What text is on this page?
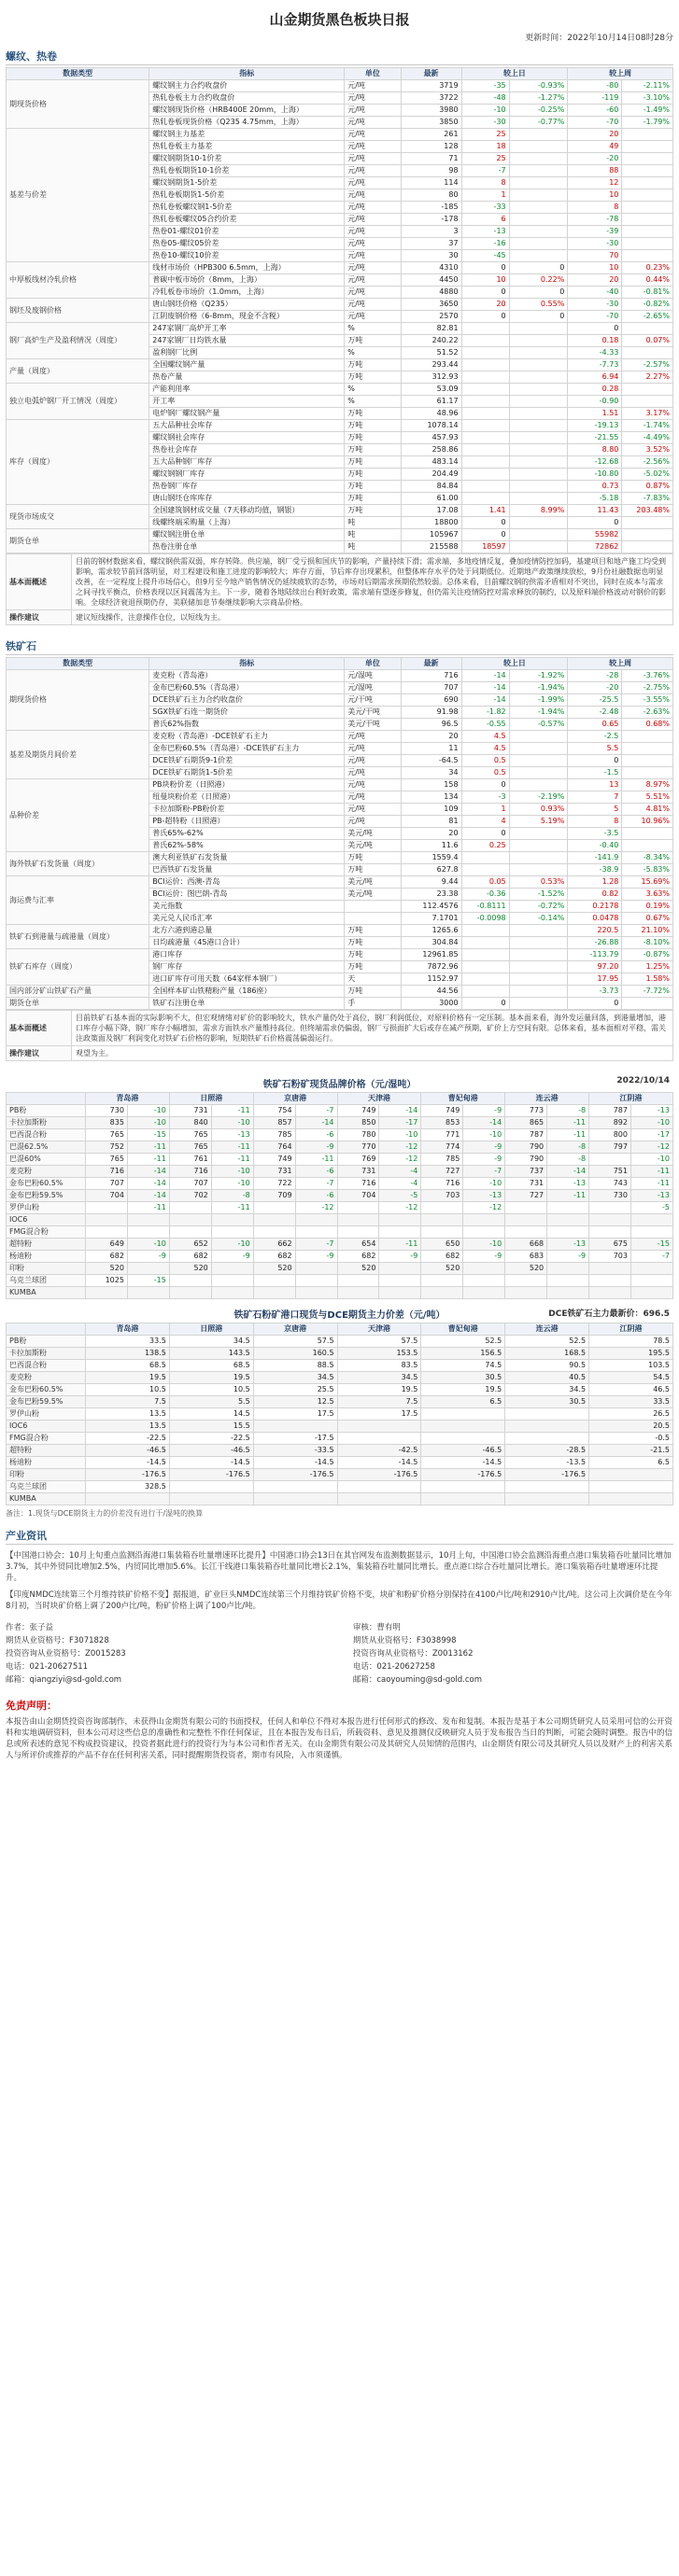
山金期货黑色板块日报
更新时间：2022年10月14日08时28分
螺纹、热卷
数据类型	指标	单位	最新	较上日		较上周	
期现货价格	螺纹钢主力合约收盘价	元/吨	3719	-35	-0.93%	-80	-2.11%
	热轧卷板主力合约收盘价	元/吨	3722	-48	-1.27%	-119	-3.10%
	螺纹钢现货价格（HRB400E 20mm，上海）	元/吨	3980	-10	-0.25%	-60	-1.49%
	热轧卷板现货价格（Q235 4.75mm，上海）	元/吨	3850	-30	-0.77%	-70	-1.79%
基差与价差	螺纹钢主力基差	元/吨	261	25		20	
	热轧卷板主力基差	元/吨	128	18		49	
	螺纹钢期货10-1价差	元/吨	71	25		-20	
	热轧卷板期货10-1价差	元/吨	98	-7		88	
	螺纹钢期货1-5价差	元/吨	114	8		12	
	热轧卷板期货1-5价差	元/吨	80	1		10	
	热轧卷板螺纹钢1-5价差	元/吨	-185	-33		8	
	热轧卷板螺纹05合约价差	元/吨	-178	6		-78	
	热卷01-螺纹01价差	元/吨	3	-13		-39	
	热卷05-螺纹05价差	元/吨	37	-16		-30	
	热卷10-螺纹10价差	元/吨	30	-45		70	
中厚板线材冷轧价格	线材市场价（HPB300 6.5mm，上海）	元/吨	4310	0	0	10	0.23%
	普碳中板市场价（8mm，上海）	元/吨	4450	10	0.22%	20	0.44%
	冷轧板卷市场价（1.0mm，上海）	元/吨	4880	0	0	-40	-0.81%
钢坯及废钢价格	唐山钢坯价格（Q235）	元/吨	3650	20	0.55%	-30	-0.82%
	江阴废钢价格（6-8mm，现金不含税）	元/吨	2570	0	0	-70	-2.65%
钢厂高炉生产及盈利情况（周度）	247家钢厂高炉开工率	%	82.81			0	
	247家钢厂日均铁水量	万吨	240.22			0.18	0.07%
	盈利钢厂比例	%	51.52			-4.33	
产量（周度）	全国螺纹钢产量	万吨	293.44			-7.73	-2.57%
	热卷产量	万吨	312.93			6.94	2.27%
独立电弧炉钢厂开工情况（周度）	产能利用率	%	53.09			0.28	
	开工率	%	61.17			-0.90	
	电炉钢厂螺纹钢产量	万吨	48.96			1.51	3.17%
库存（周度）	五大品种社会库存	万吨	1078.14			-19.13	-1.74%
	螺纹钢社会库存	万吨	457.93			-21.55	-4.49%
	热卷社会库存	万吨	258.86			8.80	3.52%
	五大品种钢厂库存	万吨	483.14			-12.68	-2.56%
	螺纹钢钢厂库存	万吨	204.49			-10.80	-5.02%
	热卷钢厂库存	万吨	84.84			0.73	0.87%
	唐山钢坯仓库库存	万吨	61.00			-5.18	-7.83%
现货市场成交	全国建筑钢材成交量（7天移动均值，钢银）	万吨	17.08	1.41	8.99%	11.43	203.48%
	线螺终端采购量（上海）	吨	18800	0		0	
期货仓单	螺纹钢注册仓单	吨	105967	0		55982	
	热卷注册仓单	吨	215588	18597		72862	
基本面概述	目前的钢材数据来看，螺纹钢供需双弱，库存转降。供应端，钢厂受亏损和国庆节的影响，产量持续下滑；需求端，多地疫情反复，叠加疫情防控加码，基建项目和地产施工均受到影响，需求较节前回落明显，对工程建设和施工进度的影响较大；库存方面，节后库存出现累积，但整体库存水平仍处于同期低位。近期地产政策继续放松，9月份社融数据也明显改善，在一定程度上提升市场信心，但9月至今地产销售情况仍延续疲软的态势，市场对后期需求预期依然较弱。总体来看，目前螺纹钢的供需矛盾相对不突出，同时在成本与需求之间寻找平衡点，价格表现以区间震荡为主。下一步，随着各地陆续出台利好政策，需求端有望逐步修复，但仍需关注疫情防控对需求释放的制约，以及原料端价格波动对钢价的影响。全球经济衰退预期仍存，美联储加息节奏继续影响大宗商品价格。
操作建议	建议短线操作，注意操作仓位，以短线为主。
铁矿石
数据类型	指标	单位	最新	较上日		较上周	
期现货价格	麦克粉（青岛港）	元/湿吨	716	-14	-1.92%	-28	-3.76%
	金布巴粉60.5%（青岛港）	元/湿吨	707	-14	-1.94%	-20	-2.75%
	DCE铁矿石主力合约收盘价	元/干吨	690	-14	-1.99%	-25.5	-3.55%
	SGX铁矿石连一期货价	美元/干吨	91.98	-1.82	-1.94%	-2.48	-2.63%
	普氏62%指数	美元/干吨	96.5	-0.55	-0.57%	0.65	0.68%
基差及期货月间价差	麦克粉（青岛港）-DCE铁矿石主力	元/吨	20	4.5		-2.5	
	金布巴粉60.5%（青岛港）-DCE铁矿石主力	元/吨	11	4.5		5.5	
	DCE铁矿石期货9-1价差	元/吨	-64.5	0.5		0	
	DCE铁矿石期货1-5价差	元/吨	34	0.5		-1.5	
品种价差	PB块粉价差（日照港）	元/吨	158	0		13	8.97%
	纽曼块粉价差（日照港）	元/吨	134	-3	-2.19%	7	5.51%
	卡拉加斯粉-PB粉价差	元/吨	109	1	0.93%	5	4.81%
	PB-超特粉（日照港）	元/吨	81	4	5.19%	8	10.96%
	普氏65%-62%	美元/吨	20	0		-3.5	
	普氏62%-58%	美元/吨	11.6	0.25		-0.40	
海外铁矿石发货量（周度）	澳大利亚铁矿石发货量	万吨	1559.4			-141.9	-8.34%
	巴西铁矿石发货量	万吨	627.8			-38.9	-5.83%
海运费与汇率	BCI运价：西澳-青岛	美元/吨	9.44	0.05	0.53%	1.28	15.69%
	BCI运价：图巴朗-青岛	美元/吨	23.38	-0.36	-1.52%	0.82	3.63%
	美元指数		112.4576	-0.8111	-0.72%	0.2178	0.19%
	美元兑人民币汇率		7.1701	-0.0098	-0.14%	0.0478	0.67%
铁矿石到港量与疏港量（周度）	北方六港到港总量	万吨	1265.6			220.5	21.10%
	日均疏港量（45港口合计）	万吨	304.84			-26.88	-8.10%
铁矿石库存（周度）	港口库存	万吨	12961.85			-113.79	-0.87%
	钢厂库存	万吨	7872.96			97.20	1.25%
	进口矿库存可用天数（64家样本钢厂）	天	1152.97			17.95	1.58%
国内部分矿山铁矿石产量	全国样本矿山铁精粉产量（186座）	万吨	44.56			-3.73	-7.72%
期货仓单	铁矿石注册仓单	手	3000	0		0	
基本面概述	目前铁矿石基本面的实际影响不大，但宏观情绪对矿价的影响较大，铁水产量仍处于高位，钢厂利润低位，对原料价格有一定压制。基本面来看，海外发运量回落，到港量增加，港口库存小幅下降，钢厂库存小幅增加，需求方面铁水产量维持高位。但终端需求仍偏弱，钢厂亏损面扩大后或存在减产预期，矿价上方空间有限。总体来看，基本面相对平稳，需关注政策面及钢厂利润变化对铁矿石价格的影响，短期铁矿石价格震荡偏弱运行。
操作建议	观望为主。
铁矿石粉矿现货品牌价格（元/湿吨）	2022/10/14
	青岛港		日照港		京唐港		天津港		曹妃甸港		连云港		江阴港	
PB粉	730	-10	731	-11	754	-7	749	-14	749	-9	773	-8	787	-13
卡拉加斯粉	835	-10	840	-10	857	-14	850	-17	853	-14	865	-11	892	-10
巴西混合粉	765	-15	765	-13	785	-6	780	-10	771	-10	787	-11	800	-17
巴混62.5%	752	-11	765	-11	764	-9	770	-12	774	-9	790	-8	797	-12
巴混60%	765	-11	761	-11	749	-11	769	-12	785	-9	790	-8		-10
麦克粉	716	-14	716	-10	731	-6	731	-4	727	-7	737	-14	751	-11
金布巴粉60.5%	707	-14	707	-10	722	-7	716	-4	716	-10	731	-13	743	-11
金布巴粉59.5%	704	-14	702	-8	709	-6	704	-5	703	-13	727	-11	730	-13
罗伊山粉		-11		-11		-12		-12		-12				-5
IOC6														
FMG混合粉														
超特粉	649	-10	652	-10	662	-7	654	-11	650	-10	668	-13	675	-15
杨迪粉	682	-9	682	-9	682	-9	682	-9	682	-9	683	-9	703	-7
印粉	520		520		520		520		520		520			
乌克兰球团	1025	-15												
KUMBA														
铁矿石粉矿港口现货与DCE期货主力价差（元/吨）	DCE铁矿石主力最新价：696.5
	青岛港	日照港	京唐港	天津港	曹妃甸港	连云港	江阴港
PB粉	33.5	34.5	57.5	57.5	52.5	52.5	78.5
卡拉加斯粉	138.5	143.5	160.5	153.5	156.5	168.5	195.5
巴西混合粉	68.5	68.5	88.5	83.5	74.5	90.5	103.5
麦克粉	19.5	19.5	34.5	34.5	30.5	40.5	54.5
金布巴粉60.5%	10.5	10.5	25.5	19.5	19.5	34.5	46.5
金布巴粉59.5%	7.5	5.5	12.5	7.5	6.5	30.5	33.5
罗伊山粉	13.5	14.5	17.5	17.5			26.5
IOC6	13.5	15.5					20.5
FMG混合粉	-22.5	-22.5	-17.5				-0.5
超特粉	-46.5	-46.5	-33.5	-42.5	-46.5	-28.5	-21.5
杨迪粉	-14.5	-14.5	-14.5	-14.5	-14.5	-13.5	6.5
印粉	-176.5	-176.5	-176.5	-176.5	-176.5	-176.5	
乌克兰球团	328.5						
KUMBA							
备注：1.现货与DCE期货主力的价差没有进行干/湿吨的换算
产业资讯

【中国港口协会：10月上旬重点监测沿海港口集装箱吞吐量增速环比提升】中国港口协会13日在其官网发布监测数据显示，10月上旬，中国港口协会监测沿海重点港口集装箱吞吐量同比增加3.7%，其中外贸同比增加2.5%，内贸同比增加5.6%。长江干线港口集装箱吞吐量同比增长2.1%，集装箱吞吐量同比增长。重点港口综合吞吐量同比增长。港口集装箱吞吐量增速环比提升。

【印度NMDC连续第三个月维持铁矿价格不变】据报道，矿业巨头NMDC连续第三个月维持铁矿价格不变，块矿和粉矿价格分别保持在4100卢比/吨和2910卢比/吨。这公司上次调价是在今年8月初，当时块矿价格上调了200卢比/吨，粉矿价格上调了100卢比/吨。

作者：张子益
期货从业资格号：F3071828
投资咨询从业资格号：Z0015283
电话：021-20627511
邮箱：qiangziyi@sd-gold.com
审核：曹有明
期货从业资格号：F3038998
投资咨询从业资格号：Z0013162
电话：021-20627258
邮箱：caoyouming@sd-gold.com
免责声明：
本报告由山金期货投资咨询部制作，未获得山金期货有限公司的书面授权，任何人和单位不得对本报告进行任何形式的修改、发布和复制。本报告是基于本公司期货研究人员采用可信的公开资料和实地调研资料，但本公司对这些信息的准确性和完整性不作任何保证，且在本报告发布日后，所载资料、意见及推测仅反映研究人员于发布报告当日的判断，可能会随时调整。报告中的信息或所表述的意见不构成投资建议，投资者据此进行的投资行为与本公司和作者无关。在山金期货有限公司及其研究人员知情的范围内，山金期货有限公司及其研究人员以及财产上的利害关系人与所评价或推荐的产品不存在任何利害关系，同时提醒期货投资者，期市有风险，入市须谨慎。
